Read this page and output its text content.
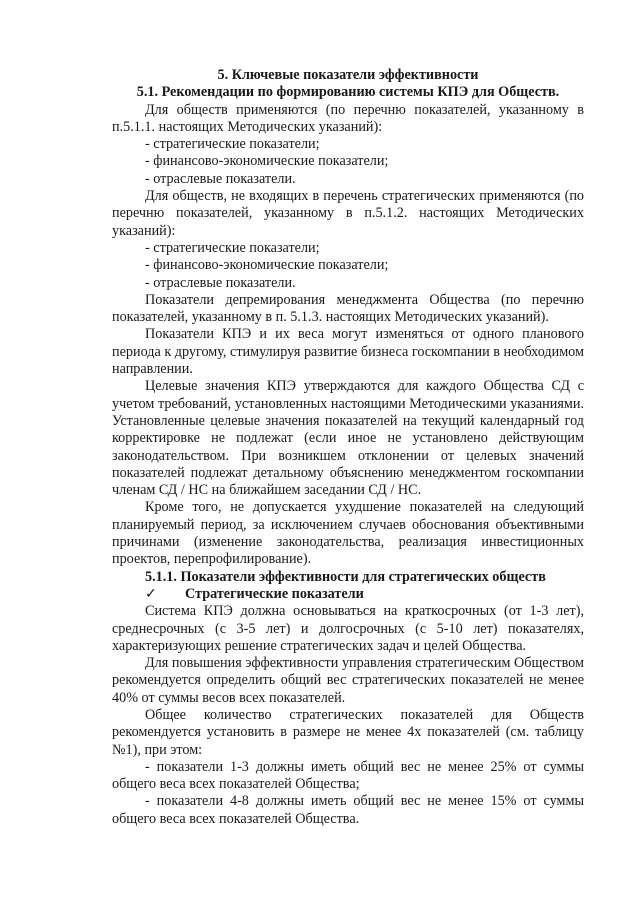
5. Ключевые показатели эффективности

5.1. Рекомендации по формированию системы КПЭ для Обществ.

Для обществ применяются (по перечню показателей, указанному в п.5.1.1. настоящих Методических указаний):

- стратегические показатели;

- финансово-экономические показатели;

- отраслевые показатели.

Для обществ, не входящих в перечень стратегических применяются (по перечню показателей, указанному в п.5.1.2. настоящих Методических указаний):

- стратегические показатели;

- финансово-экономические показатели;

- отраслевые показатели.

Показатели депремирования менеджмента Общества (по перечню показателей, указанному в п. 5.1.3. настоящих Методических указаний).

Показатели КПЭ и их веса могут изменяться от одного планового периода к другому, стимулируя развитие бизнеса госкомпании в необходимом направлении.

Целевые значения КПЭ утверждаются для каждого Общества СД с учетом требований, установленных настоящими Методическими указаниями. Установленные целевые значения показателей на текущий календарный год корректировке не подлежат (если иное не установлено действующим законодательством. При возникшем отклонении от целевых значений показателей подлежат детальному объяснению менеджментом госкомпании членам СД / НС на ближайшем заседании СД / НС.

Кроме того, не допускается ухудшение показателей на следующий планируемый период, за исключением случаев обоснования объективными причинами (изменение законодательства, реализация инвестиционных проектов, перепрофилирование).

5.1.1. Показатели эффективности для стратегических обществ

✓	Стратегические показатели

Система КПЭ должна основываться на краткосрочных (от 1-3 лет), среднесрочных (с 3-5 лет) и долгосрочных (с 5-10 лет) показателях, характеризующих решение стратегических задач и целей Общества.

Для повышения эффективности управления стратегическим Обществом рекомендуется определить общий вес стратегических показателей не менее 40% от суммы весов всех показателей.

Общее количество стратегических показателей для Обществ рекомендуется установить в размере не менее 4х показателей (см. таблицу №1), при этом:

- показатели 1-3 должны иметь общий вес не менее 25% от суммы общего веса всех показателей Общества;

- показатели 4-8 должны иметь общий вес не менее 15% от суммы общего веса всех показателей Общества.
